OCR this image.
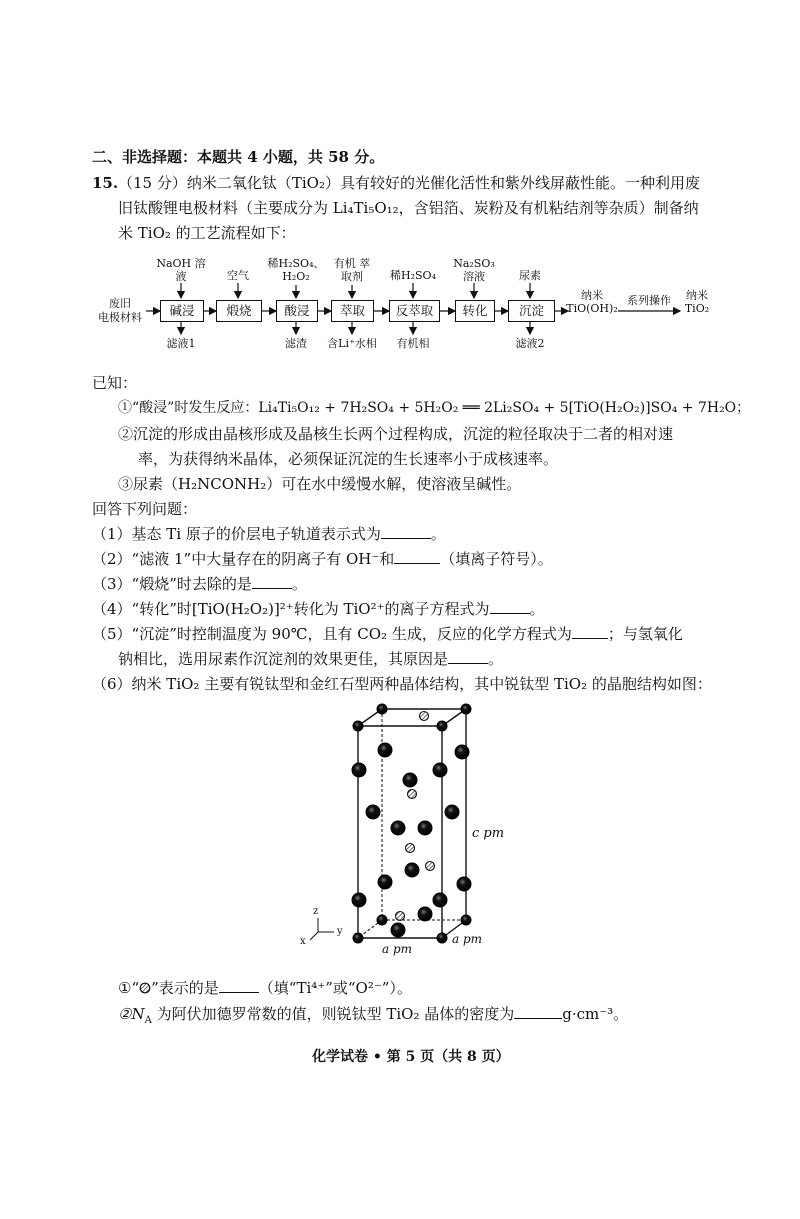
二、非选择题：本题共 4 小题，共 58 分。
15. （15 分）纳米二氧化钛（TiO₂）具有较好的光催化活性和紫外线屏蔽性能。一种利用废
旧钛酸锂电极材料（主要成分为 Li₄Ti₅O₁₂，含铝箔、炭粉及有机粘结剂等杂质）制备纳
米 TiO₂ 的工艺流程如下：
废旧
电极材料	碱浸	煅烧	酸浸	萃取	反萃取	转化	沉淀
NaOH 溶液	空气
稀H₂SO₄、H₂O₂
有机 萃取剂	稀H₂SO₄
Na₂SO₃ 溶液	尿素
滤液1	滤渣	含Li⁺水相	有机相	滤液2
纳米
TiO(OH)₂
系列操作	纳米
TiO₂
已知：
①“酸浸”时发生反应：Li₄Ti₅O₁₂ + 7H₂SO₄ + 5H₂O₂ ══ 2Li₂SO₄ + 5[TiO(H₂O₂)]SO₄ + 7H₂O；
②沉淀的形成由晶核形成及晶核生长两个过程构成，沉淀的粒径取决于二者的相对速
率，为获得纳米晶体，必须保证沉淀的生长速率小于成核速率。
③尿素（H₂NCONH₂）可在水中缓慢水解，使溶液呈碱性。
回答下列问题：
（1）基态 Ti 原子的价层电子轨道表示式为	。
（2）“滤液 1”中大量存在的阴离子有 OH⁻和	（填离子符号）。
（3）“煅烧”时去除的是	。
（4）“转化”时[TiO(H₂O₂)]²⁺转化为 TiO²⁺的离子方程式为	。
（5）“沉淀”时控制温度为 90℃，且有 CO₂ 生成，反应的化学方程式为 ；与氢氧化
钠相比，选用尿素作沉淀剂的效果更佳，其原因是	。
（6）纳米 TiO₂ 主要有锐钛型和金红石型两种晶体结构，其中锐钛型 TiO₂ 的晶胞结构如图：
c pm
a pm
a pm
z
x
y
①“ ”表示的是	（填“Ti⁴⁺”或“O²⁻”）。
$②N_A$ 为阿伏加德罗常数的值，则锐钛型 TiO₂ 晶体的密度为	g·cm⁻³。
化学试卷 • 第 5 页（共 8 页）
